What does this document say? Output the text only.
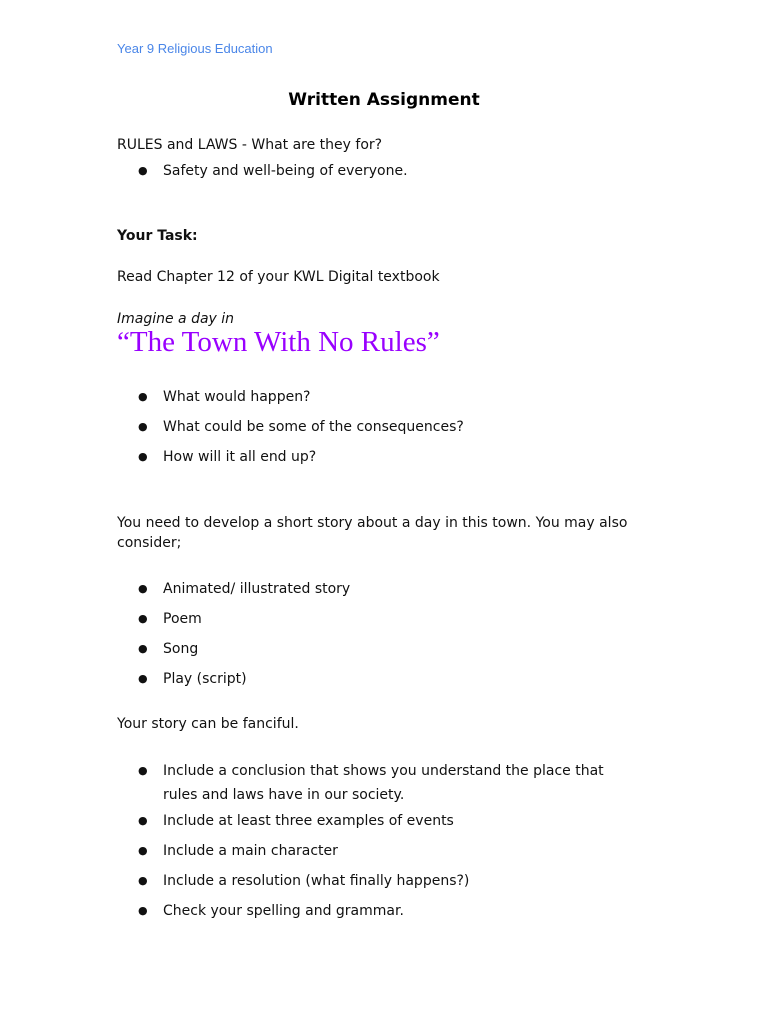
Year 9 Religious Education
Written Assignment
RULES and LAWS - What are they for?
● Safety and well-being of everyone.
Your Task:
Read Chapter 12 of your KWL Digital textbook
Imagine a day in
“The Town With No Rules”
● What would happen?
● What could be some of the consequences?
● How will it all end up?
You need to develop a short story about a day in this town. You may also consider;
● Animated/ illustrated story
● Poem
● Song
● Play (script)
Your story can be fanciful.
● Include a conclusion that shows you understand the place that rules and laws have in our society.
● Include at least three examples of events
● Include a main character
● Include a resolution (what finally happens?)
● Check your spelling and grammar.
